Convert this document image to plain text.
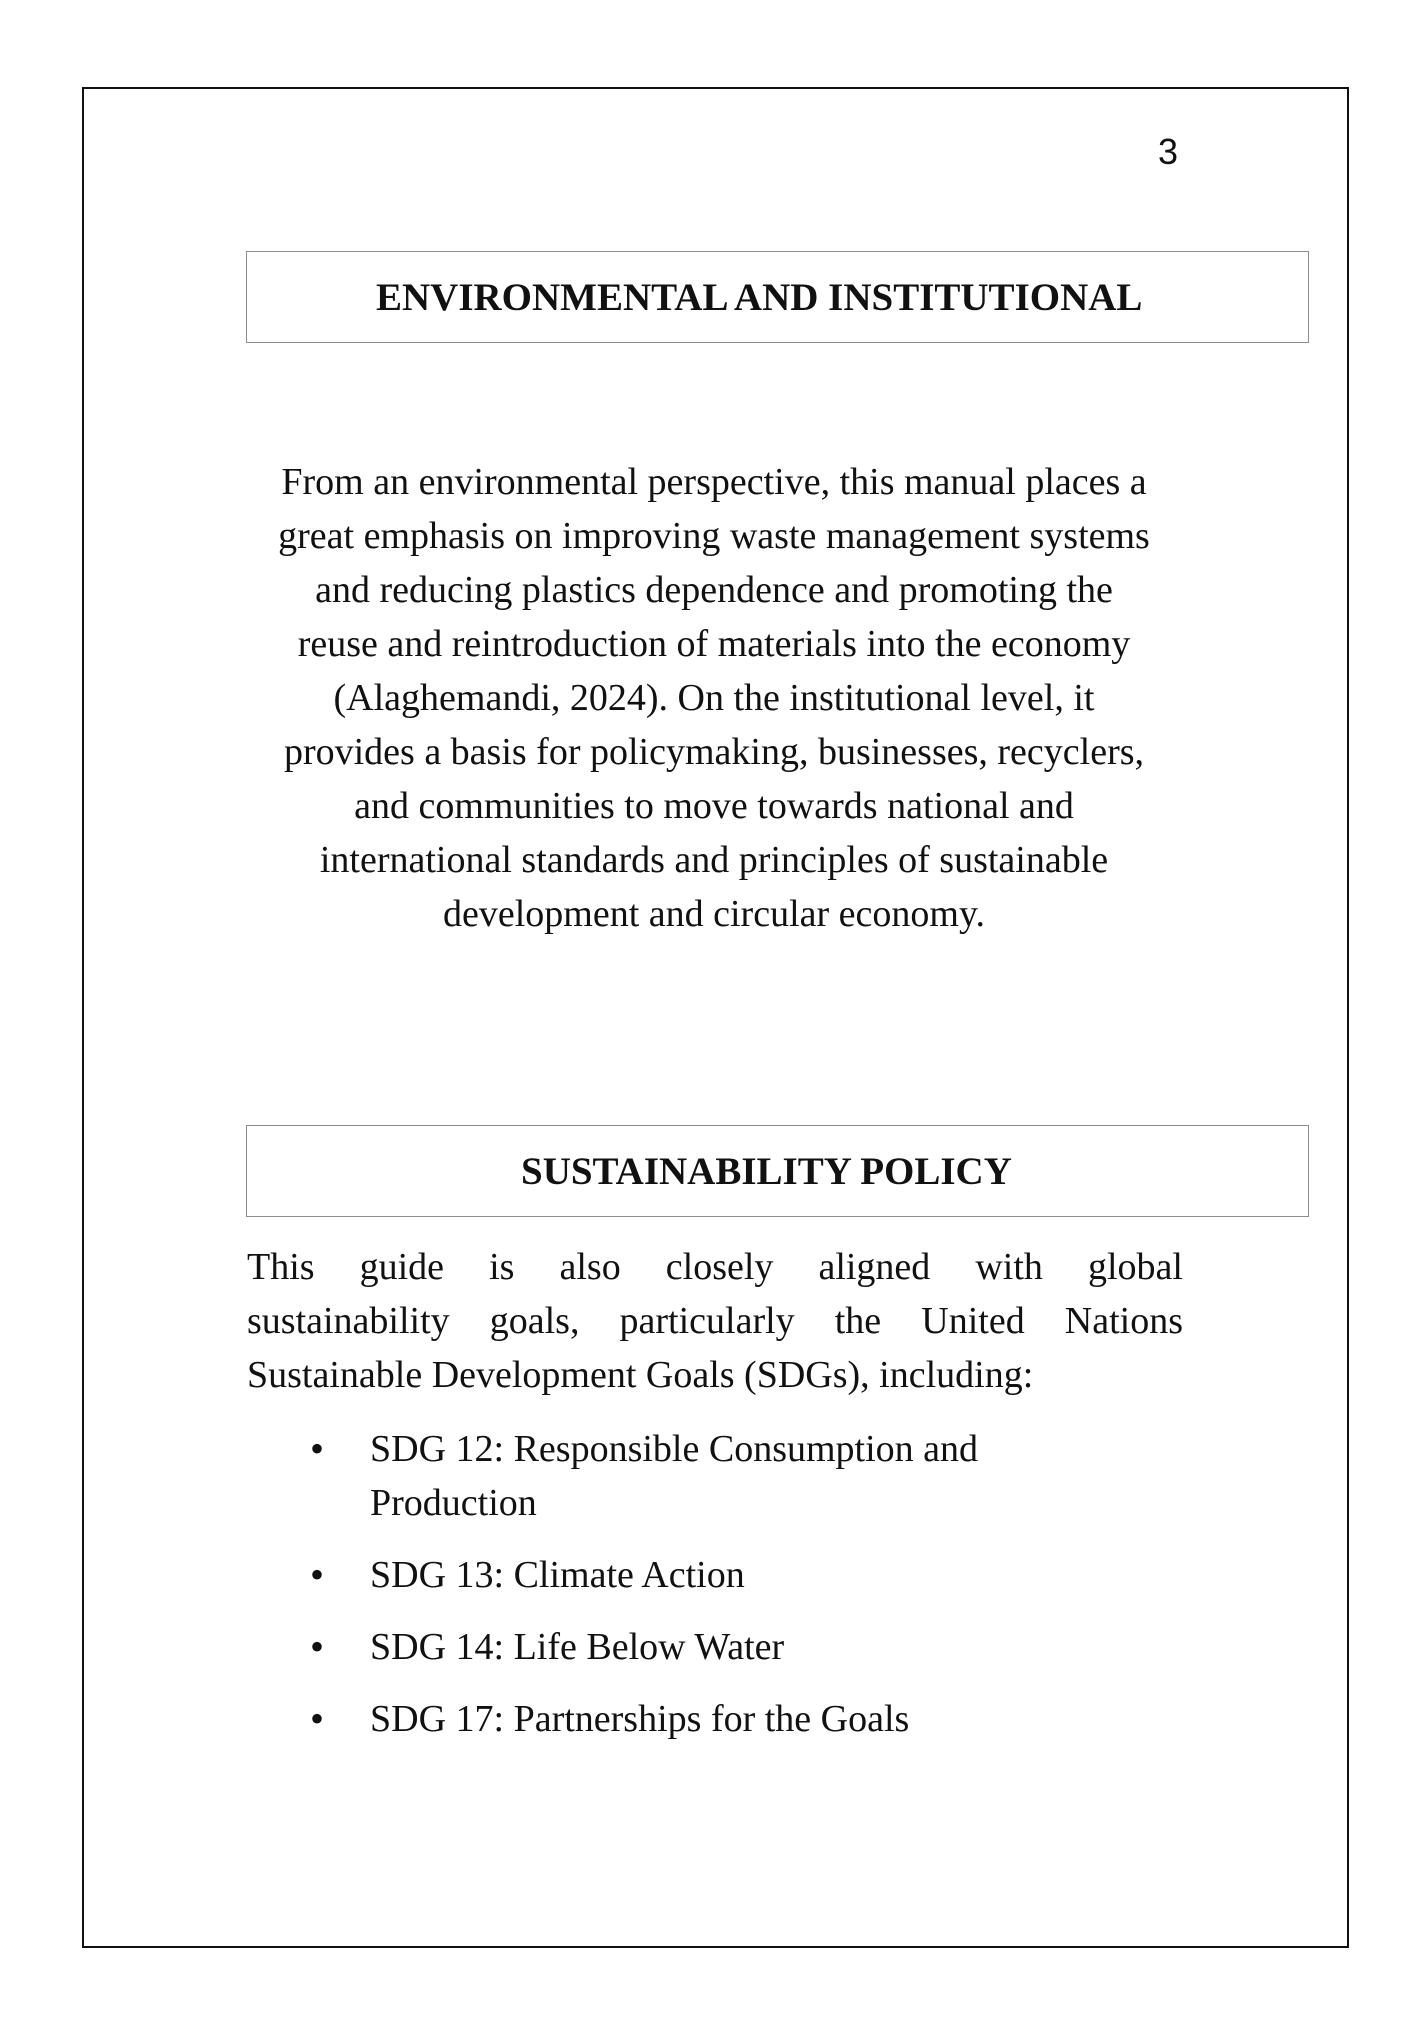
3
ENVIRONMENTAL AND INSTITUTIONAL

From an environmental perspective, this manual places a
great emphasis on improving waste management systems
and reducing plastics dependence and promoting the
reuse and reintroduction of materials into the economy
(Alaghemandi, 2024). On the institutional level, it
provides a basis for policymaking, businesses, recyclers,
and communities to move towards national and
international standards and principles of sustainable
development and circular economy.

SUSTAINABILITY POLICY
This guide is also closely aligned with global
sustainability goals, particularly the United Nations
Sustainable Development Goals (SDGs), including:
• SDG 12: Responsible Consumption and
Production
• SDG 13: Climate Action
• SDG 14: Life Below Water
• SDG 17: Partnerships for the Goals
